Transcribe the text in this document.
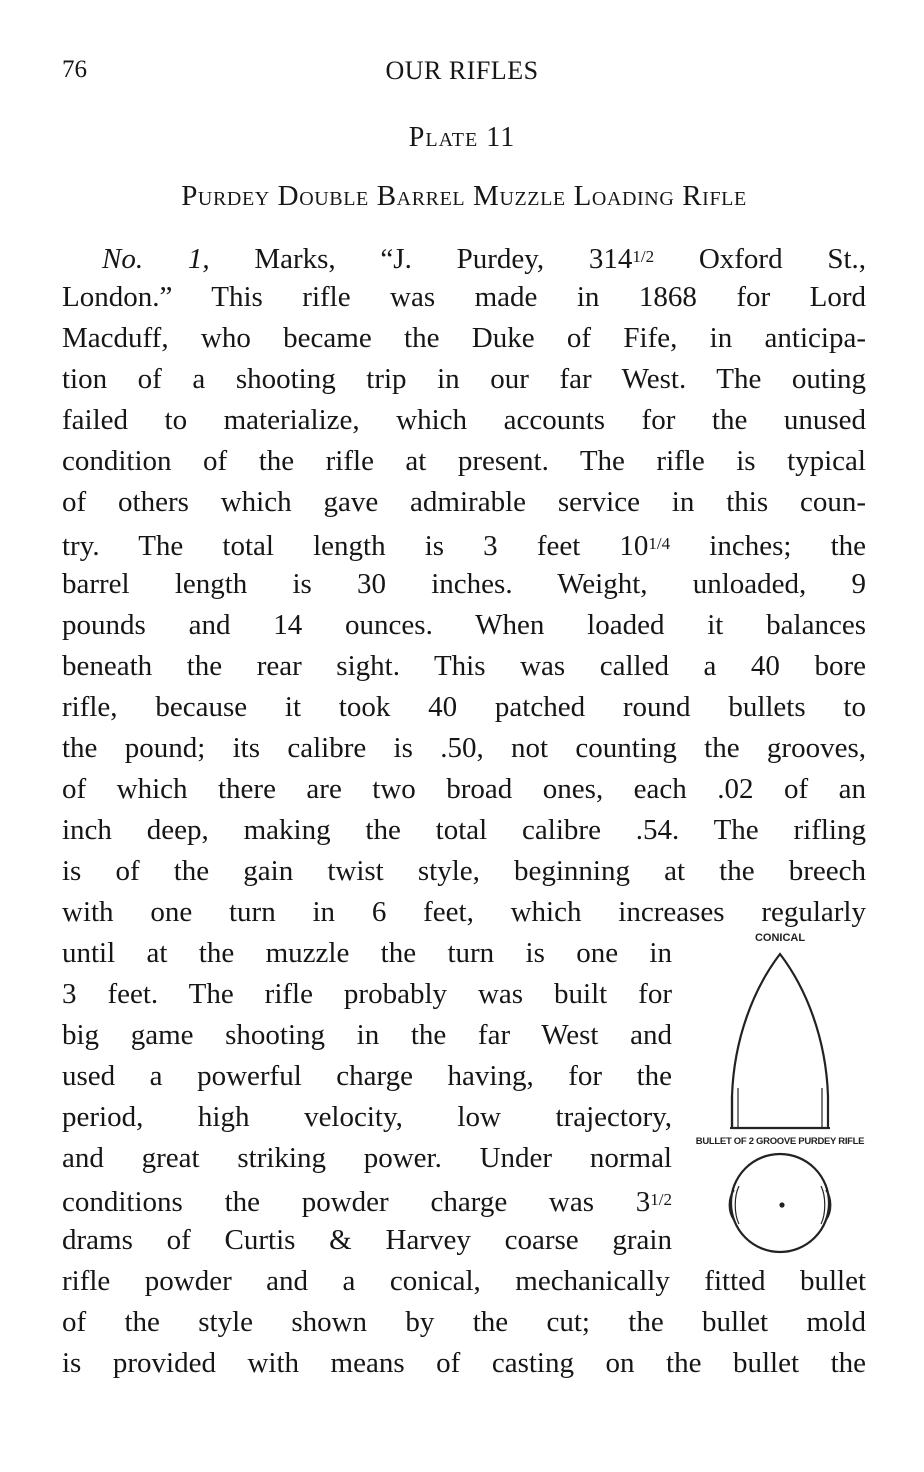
76	OUR RIFLES
Plate 11
Purdey Double Barrel Muzzle Loading Rifle
No. 1, Marks, “J. Purdey, $314^{1/2}$ Oxford St.,
London.” This rifle was made in 1868 for Lord
Macduff, who became the Duke of Fife, in anticipa-
tion of a shooting trip in our far West. The outing
failed to materialize, which accounts for the unused
condition of the rifle at present. The rifle is typical
of others which gave admirable service in this coun-
try. The total length is 3 feet $10^{1/4}$ inches; the
barrel length is 30 inches. Weight, unloaded, 9
pounds and 14 ounces. When loaded it balances
beneath the rear sight. This was called a 40 bore
rifle, because it took 40 patched round bullets to
the pound; its calibre is .50, not counting the grooves,
of which there are two broad ones, each .02 of an
inch deep, making the total calibre .54. The rifling
is of the gain twist style, beginning at the breech
with one turn in 6 feet, which increases regularly
until at the muzzle the turn is one in
3 feet. The rifle probably was built for
big game shooting in the far West and
used a powerful charge having, for the
period, high velocity, low trajectory,
and great striking power. Under normal
conditions the powder charge was $3^{1/2}$
drams of Curtis & Harvey coarse grain
rifle powder and a conical, mechanically fitted bullet
of the style shown by the cut; the bullet mold
is provided with means of casting on the bullet the
CONICAL
BULLET OF 2 GROOVE PURDEY RIFLE
